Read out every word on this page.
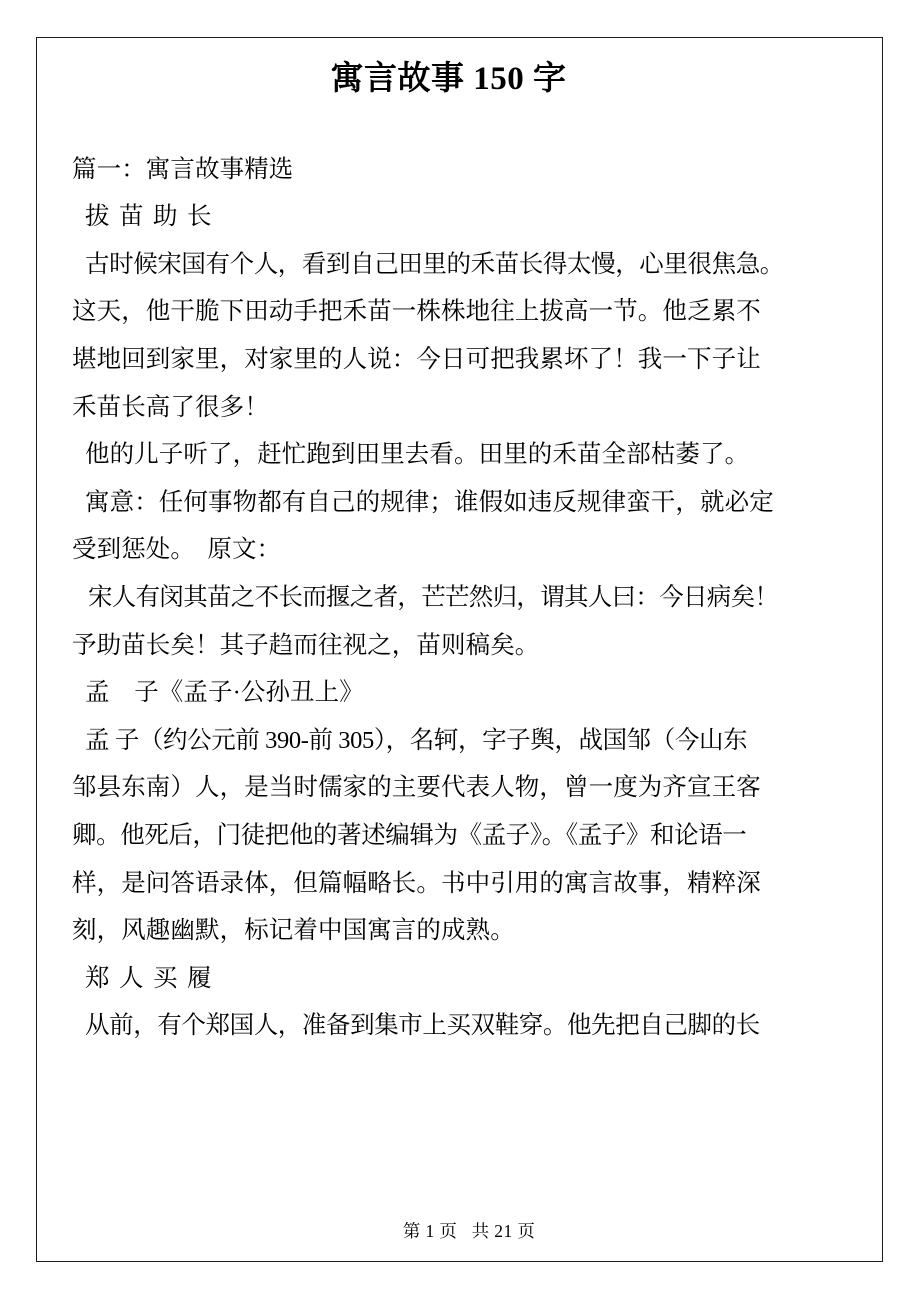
寓言故事 150 字
篇一：寓言故事精选
拔苗助长
古时候宋国有个人，看到自己田里的禾苗长得太慢，心里很焦急。
这天，他干脆下田动手把禾苗一株株地往上拔高一节。他乏累不
堪地回到家里，对家里的人说：今日可把我累坏了！我一下子让
禾苗长高了很多！
他的儿子听了，赶忙跑到田里去看。田里的禾苗全部枯萎了。
寓意：任何事物都有自己的规律；谁假如违反规律蛮干，就必定
受到惩处。　原文：
宋人有闵其苗之不长而揠之者，芒芒然归，谓其人曰：今日病矣！
予助苗长矣！其子趋而往视之，苗则稿矣。
孟　子《孟子·公孙丑上》
孟 子（约公元前 390-前 305），名轲，字子舆，战国邹（今山东
邹县东南）人，是当时儒家的主要代表人物，曾一度为齐宣王客
卿。他死后，门徒把他的著述编辑为《孟子》。《孟子》和论语一
样，是问答语录体，但篇幅略长。书中引用的寓言故事，精粹深
刻，风趣幽默，标记着中国寓言的成熟。
郑人买履
从前，有个郑国人，准备到集市上买双鞋穿。他先把自己脚的长

第 1 页   共 21 页
